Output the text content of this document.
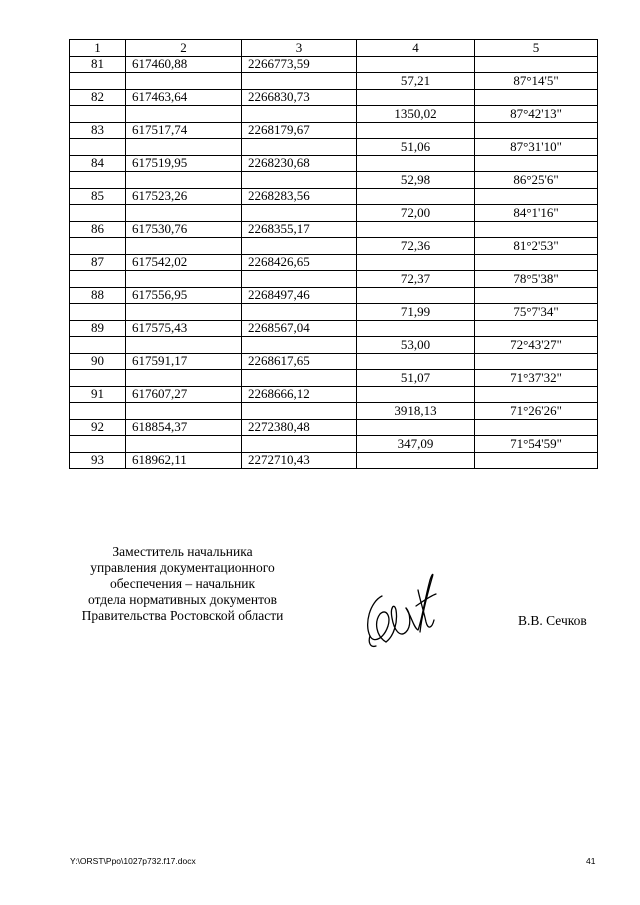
1	2	3	4	5
81	617460,88	2266773,59		
			57,21	87°14'5"
82	617463,64	2266830,73		
			1350,02	87°42'13"
83	617517,74	2268179,67		
			51,06	87°31'10"
84	617519,95	2268230,68		
			52,98	86°25'6"
85	617523,26	2268283,56		
			72,00	84°1'16"
86	617530,76	2268355,17		
			72,36	81°2'53"
87	617542,02	2268426,65		
			72,37	78°5'38"
88	617556,95	2268497,46		
			71,99	75°7'34"
89	617575,43	2268567,04		
			53,00	72°43'27"
90	617591,17	2268617,65		
			51,07	71°37'32"
91	617607,27	2268666,12		
			3918,13	71°26'26"
92	618854,37	2272380,48		
			347,09	71°54'59"
93	618962,11	2272710,43		
Заместитель начальника
управления документационного
обеспечения – начальник
отдела нормативных документов
Правительства Ростовской области	В.В. Сечков
Y:\ORST\Ppo\1027p732.f17.docx	41
